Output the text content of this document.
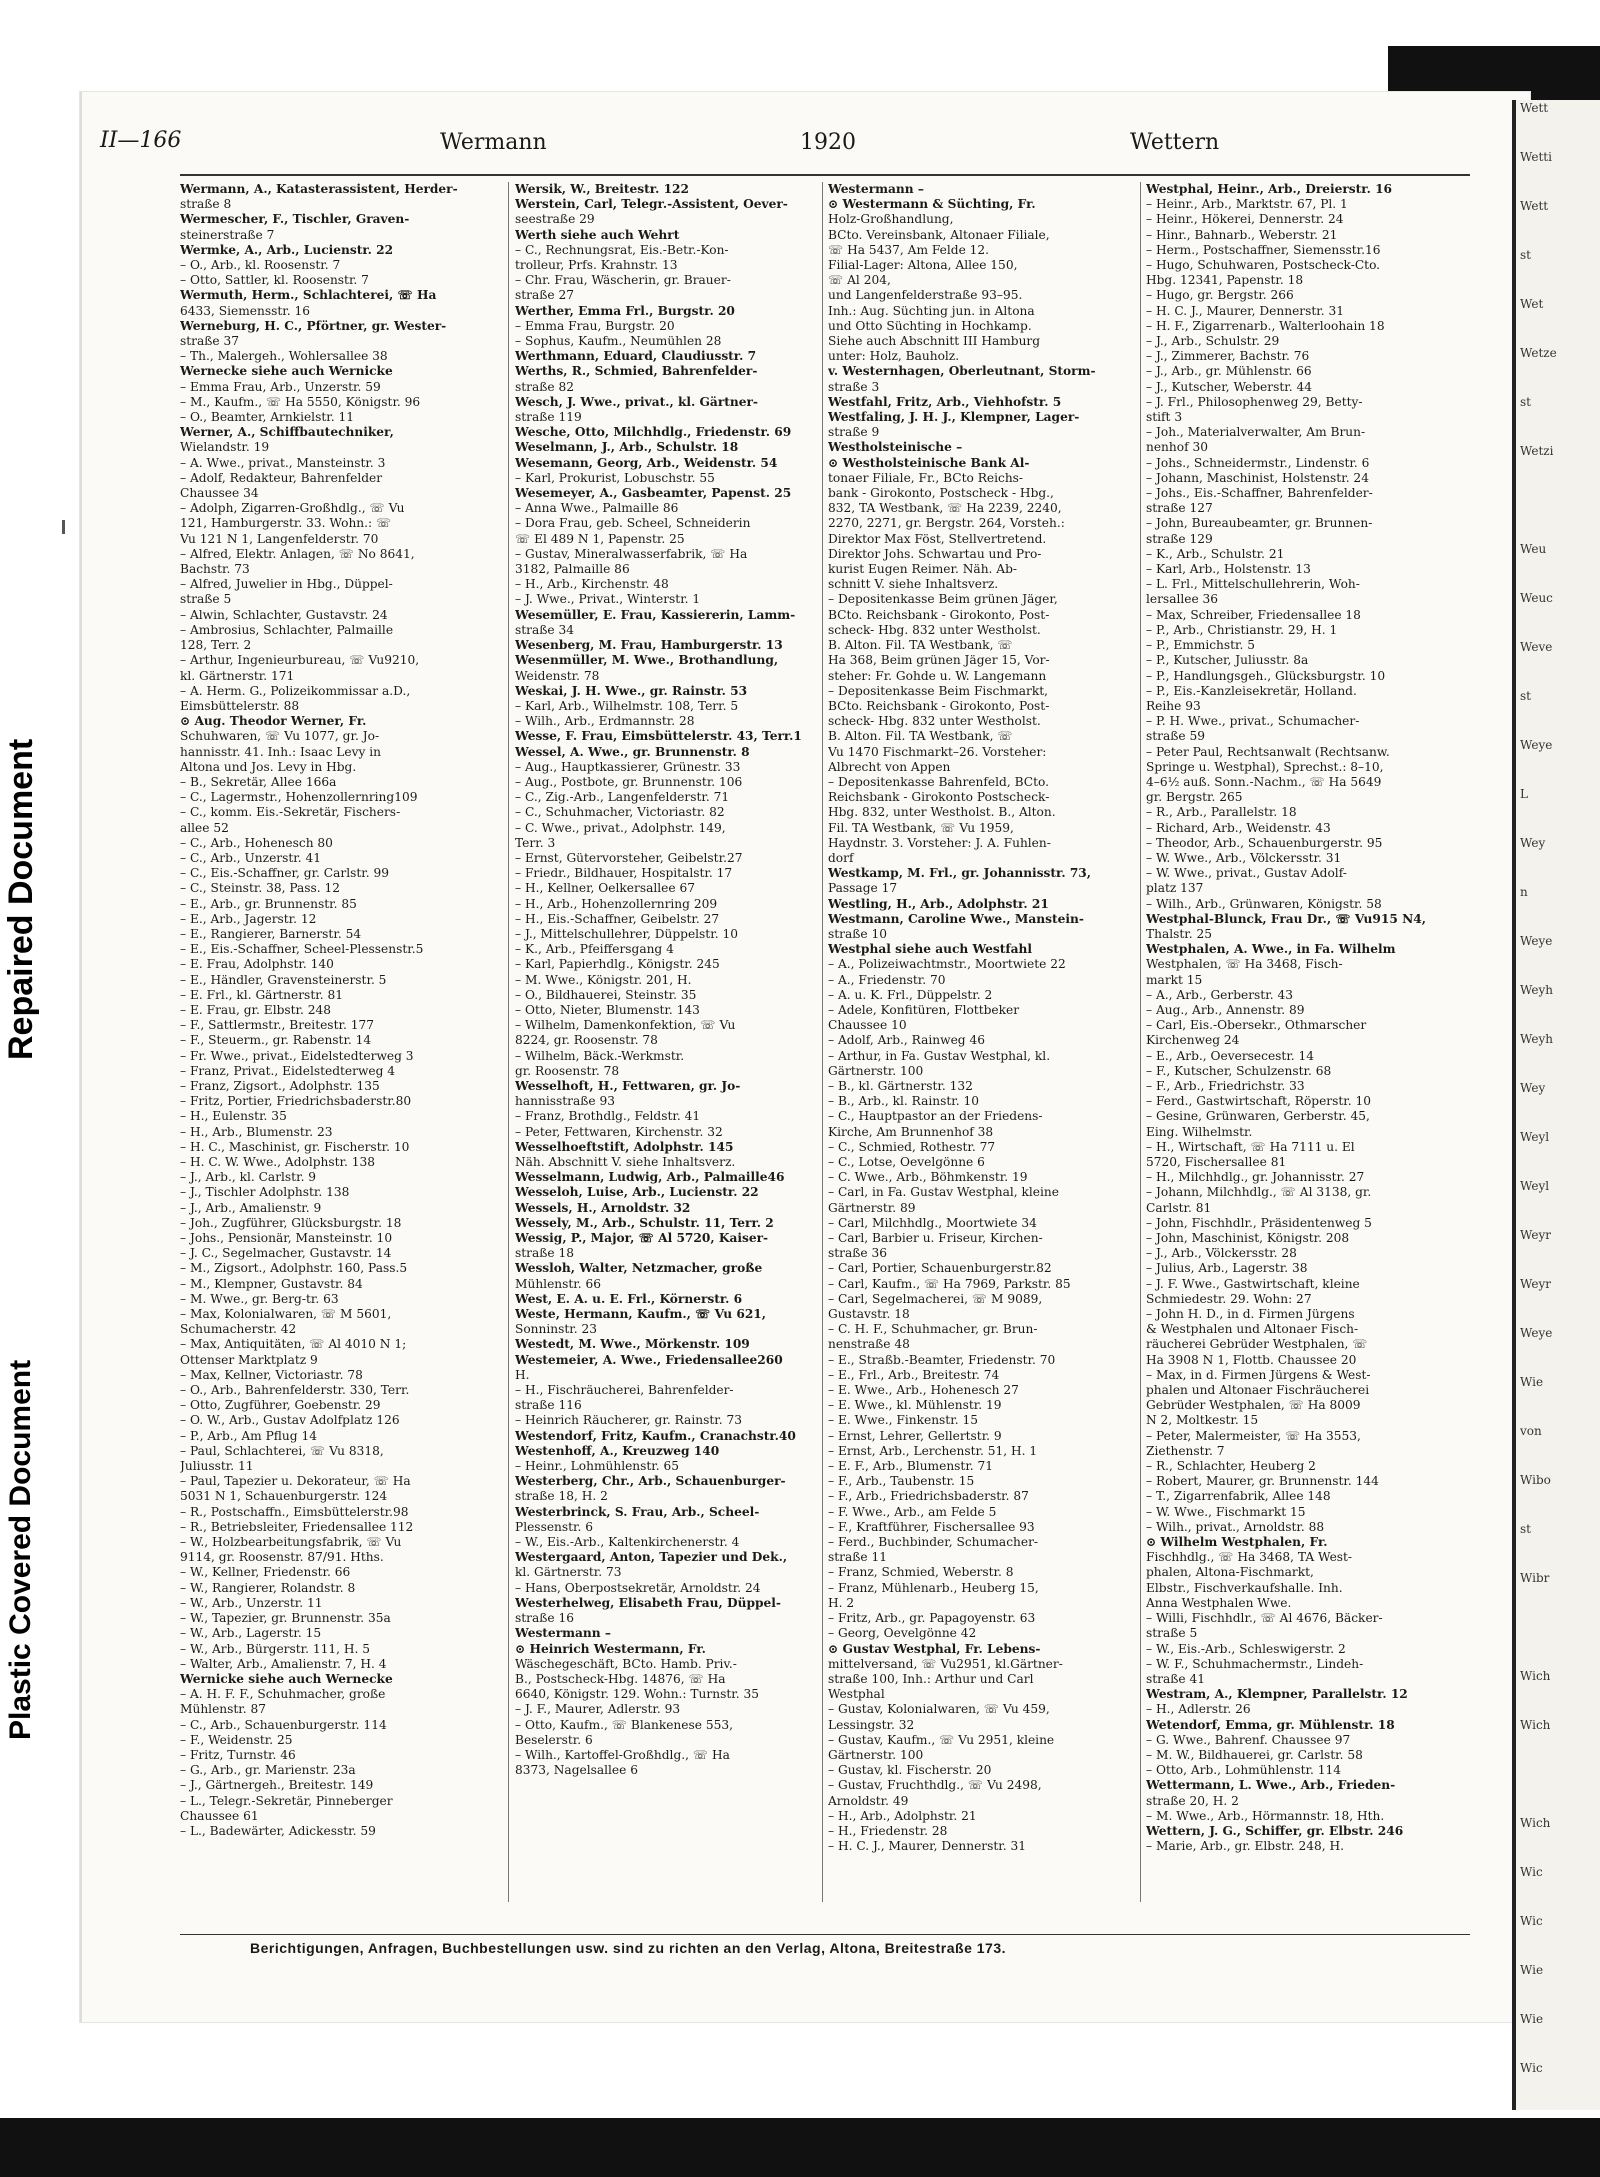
Repaired Document
Plastic Covered Document
Wett
Wetti
Wett
st
Wet
Wetze
st
Wetzi

Weu
Weuc
Weve
st
Weye
L
Wey
n
Weye
Weyh
Weyh
Wey
Weyl
Weyl
Weyr
Weyr
Weye
Wie
von
Wibo
st
Wibr

Wich
Wich

Wich
Wic
Wic
Wie
Wie
Wic
II—166	Wermann	1920	Wettern
Wermann, A., Katasterassistent, Herder-
straße 8
Wermescher, F., Tischler, Graven-
steinerstraße 7
Wermke, A., Arb., Lucienstr. 22
– O., Arb., kl. Roosenstr. 7
– Otto, Sattler, kl. Roosenstr. 7
Wermuth, Herm., Schlachterei, ☏ Ha
6433, Siemensstr. 16
Werneburg, H. C., Pförtner, gr. Wester-
straße 37
– Th., Malergeh., Wohlersallee 38
Wernecke siehe auch Wernicke
– Emma Frau, Arb., Unzerstr. 59
– M., Kaufm., ☏ Ha 5550, Königstr. 96
– O., Beamter, Arnkielstr. 11
Werner, A., Schiffbautechniker,
Wielandstr. 19
– A. Wwe., privat., Mansteinstr. 3
– Adolf, Redakteur, Bahrenfelder
Chaussee 34
– Adolph, Zigarren-Großhdlg., ☏ Vu
121, Hamburgerstr. 33. Wohn.: ☏
Vu 121 N 1, Langenfelderstr. 70
– Alfred, Elektr. Anlagen, ☏ No 8641,
Bachstr. 73
– Alfred, Juwelier in Hbg., Düppel-
straße 5
– Alwin, Schlachter, Gustavstr. 24
– Ambrosius, Schlachter, Palmaille
128, Terr. 2
– Arthur, Ingenieurbureau, ☏ Vu9210,
kl. Gärtnerstr. 171
– A. Herm. G., Polizeikommissar a.D.,
Eimsbüttelerstr. 88
⊙ Aug. Theodor Werner, Fr.
Schuhwaren, ☏ Vu 1077, gr. Jo-
hannisstr. 41. Inh.: Isaac Levy in
Altona und Jos. Levy in Hbg.
– B., Sekretär, Allee 166a
– C., Lagermstr., Hohenzollernring109
– C., komm. Eis.-Sekretär, Fischers-
allee 52
– C., Arb., Hohenesch 80
– C., Arb., Unzerstr. 41
– C., Eis.-Schaffner, gr. Carlstr. 99
– C., Steinstr. 38, Pass. 12
– E., Arb., gr. Brunnenstr. 85
– E., Arb., Jagerstr. 12
– E., Rangierer, Barnerstr. 54
– E., Eis.-Schaffner, Scheel-Plessenstr.5
– E. Frau, Adolphstr. 140
– E., Händler, Gravensteinerstr. 5
– E. Frl., kl. Gärtnerstr. 81
– E. Frau, gr. Elbstr. 248
– F., Sattlermstr., Breitestr. 177
– F., Steuerm., gr. Rabenstr. 14
– Fr. Wwe., privat., Eidelstedterweg 3
– Franz, Privat., Eidelstedterweg 4
– Franz, Zigsort., Adolphstr. 135
– Fritz, Portier, Friedrichsbaderstr.80
– H., Eulenstr. 35
– H., Arb., Blumenstr. 23
– H. C., Maschinist, gr. Fischerstr. 10
– H. C. W. Wwe., Adolphstr. 138
– J., Arb., kl. Carlstr. 9
– J., Tischler Adolphstr. 138
– J., Arb., Amalienstr. 9
– Joh., Zugführer, Glücksburgstr. 18
– Johs., Pensionär, Mansteinstr. 10
– J. C., Segelmacher, Gustavstr. 14
– M., Zigsort., Adolphstr. 160, Pass.5
– M., Klempner, Gustavstr. 84
– M. Wwe., gr. Berg-tr. 63
– Max, Kolonialwaren, ☏ M 5601,
Schumacherstr. 42
– Max, Antiquitäten, ☏ Al 4010 N 1;
Ottenser Marktplatz 9
– Max, Kellner, Victoriastr. 78
– O., Arb., Bahrenfelderstr. 330, Terr.
– Otto, Zugführer, Goebenstr. 29
– O. W., Arb., Gustav Adolfplatz 126
– P., Arb., Am Pflug 14
– Paul, Schlachterei, ☏ Vu 8318,
Juliusstr. 11
– Paul, Tapezier u. Dekorateur, ☏ Ha
5031 N 1, Schauenburgerstr. 124
– R., Postschaffn., Eimsbüttelerstr.98
– R., Betriebsleiter, Friedensallee 112
– W., Holzbearbeitungsfabrik, ☏ Vu
9114, gr. Roosenstr. 87/91. Hths.
– W., Kellner, Friedenstr. 66
– W., Rangierer, Rolandstr. 8
– W., Arb., Unzerstr. 11
– W., Tapezier, gr. Brunnenstr. 35a
– W., Arb., Lagerstr. 15
– W., Arb., Bürgerstr. 111, H. 5
– Walter, Arb., Amalienstr. 7, H. 4
Wernicke siehe auch Wernecke
– A. H. F. F., Schuhmacher, große
Mühlenstr. 87
– C., Arb., Schauenburgerstr. 114
– F., Weidenstr. 25
– Fritz, Turnstr. 46
– G., Arb., gr. Marienstr. 23a
– J., Gärtnergeh., Breitestr. 149
– L., Telegr.-Sekretär, Pinneberger
Chaussee 61
– L., Badewärter, Adickesstr. 59
Wersik, W., Breitestr. 122
Werstein, Carl, Telegr.-Assistent, Oever-
seestraße 29
Werth siehe auch Wehrt
– C., Rechnungsrat, Eis.-Betr.-Kon-
trolleur, Prfs. Krahnstr. 13
– Chr. Frau, Wäscherin, gr. Brauer-
straße 27
Werther, Emma Frl., Burgstr. 20
– Emma Frau, Burgstr. 20
– Sophus, Kaufm., Neumühlen 28
Werthmann, Eduard, Claudiusstr. 7
Werths, R., Schmied, Bahrenfelder-
straße 82
Wesch, J. Wwe., privat., kl. Gärtner-
straße 119
Wesche, Otto, Milchhdlg., Friedenstr. 69
Weselmann, J., Arb., Schulstr. 18
Wesemann, Georg, Arb., Weidenstr. 54
– Karl, Prokurist, Lobuschstr. 55
Wesemeyer, A., Gasbeamter, Papenst. 25
– Anna Wwe., Palmaille 86
– Dora Frau, geb. Scheel, Schneiderin
☏ El 489 N 1, Papenstr. 25
– Gustav, Mineralwasserfabrik, ☏ Ha
3182, Palmaille 86
– H., Arb., Kirchenstr. 48
– J. Wwe., Privat., Winterstr. 1
Wesemüller, E. Frau, Kassiererin, Lamm-
straße 34
Wesenberg, M. Frau, Hamburgerstr. 13
Wesenmüller, M. Wwe., Brothandlung,
Weidenstr. 78
Weskai, J. H. Wwe., gr. Rainstr. 53
– Karl, Arb., Wilhelmstr. 108, Terr. 5
– Wilh., Arb., Erdmannstr. 28
Wesse, F. Frau, Eimsbüttelerstr. 43, Terr.1
Wessel, A. Wwe., gr. Brunnenstr. 8
– Aug., Hauptkassierer, Grünestr. 33
– Aug., Postbote, gr. Brunnenstr. 106
– C., Zig.-Arb., Langenfelderstr. 71
– C., Schuhmacher, Victoriastr. 82
– C. Wwe., privat., Adolphstr. 149,
Terr. 3
– Ernst, Gütervorsteher, Geibelstr.27
– Friedr., Bildhauer, Hospitalstr. 17
– H., Kellner, Oelkersallee 67
– H., Arb., Hohenzollernring 209
– H., Eis.-Schaffner, Geibelstr. 27
– J., Mittelschullehrer, Düppelstr. 10
– K., Arb., Pfeiffersgang 4
– Karl, Papierhdlg., Königstr. 245
– M. Wwe., Königstr. 201, H.
– O., Bildhauerei, Steinstr. 35
– Otto, Nieter, Blumenstr. 143
– Wilhelm, Damenkonfektion, ☏ Vu
8224, gr. Roosenstr. 78
– Wilhelm, Bäck.-Werkmstr.
gr. Roosenstr. 78
Wesselhoft, H., Fettwaren, gr. Jo-
hannisstraße 93
– Franz, Brothdlg., Feldstr. 41
– Peter, Fettwaren, Kirchenstr. 32
Wesselhoeftstift, Adolphstr. 145
Näh. Abschnitt V. siehe Inhaltsverz.
Wesselmann, Ludwig, Arb., Palmaille46
Wesseloh, Luise, Arb., Lucienstr. 22
Wessels, H., Arnoldstr. 32
Wessely, M., Arb., Schulstr. 11, Terr. 2
Wessig, P., Major, ☏ Al 5720, Kaiser-
straße 18
Wessloh, Walter, Netzmacher, große
Mühlenstr. 66
West, E. A. u. E. Frl., Körnerstr. 6
Weste, Hermann, Kaufm., ☏ Vu 621,
Sonninstr. 23
Westedt, M. Wwe., Mörkenstr. 109
Westemeier, A. Wwe., Friedensallee260
H.
– H., Fischräucherei, Bahrenfelder-
straße 116
– Heinrich Räucherer, gr. Rainstr. 73
Westendorf, Fritz, Kaufm., Cranachstr.40
Westenhoff, A., Kreuzweg 140
– Heinr., Lohmühlenstr. 65
Westerberg, Chr., Arb., Schauenburger-
straße 18, H. 2
Westerbrinck, S. Frau, Arb., Scheel-
Plessenstr. 6
– W., Eis.-Arb., Kaltenkirchenerstr. 4
Westergaard, Anton, Tapezier und Dek.,
kl. Gärtnerstr. 73
– Hans, Oberpostsekretär, Arnoldstr. 24
Westerhelweg, Elisabeth Frau, Düppel-
straße 16
Westermann –
⊙ Heinrich Westermann, Fr.
Wäschegeschäft, BCto. Hamb. Priv.-
B., Postscheck-Hbg. 14876, ☏ Ha
6640, Königstr. 129. Wohn.: Turnstr. 35
– J. F., Maurer, Adlerstr. 93
– Otto, Kaufm., ☏ Blankenese 553,
Beselerstr. 6
– Wilh., Kartoffel-Großhdlg., ☏ Ha
8373, Nagelsallee 6
Westermann –
⊙ Westermann & Süchting, Fr.
Holz-Großhandlung,
BCto. Vereinsbank, Altonaer Filiale,
☏ Ha 5437, Am Felde 12.
Filial-Lager: Altona, Allee 150,
☏ Al 204,
und Langenfelderstraße 93–95.
Inh.: Aug. Süchting jun. in Altona
und Otto Süchting in Hochkamp.
Siehe auch Abschnitt III Hamburg
unter: Holz, Bauholz.
v. Westernhagen, Oberleutnant, Storm-
straße 3
Westfahl, Fritz, Arb., Viehhofstr. 5
Westfaling, J. H. J., Klempner, Lager-
straße 9
Westholsteinische –
⊙ Westholsteinische Bank Al-
tonaer Filiale, Fr., BCto Reichs-
bank - Girokonto, Postscheck - Hbg.,
832, TA Westbank, ☏ Ha 2239, 2240,
2270, 2271, gr. Bergstr. 264, Vorsteh.:
Direktor Max Föst, Stellvertretend.
Direktor Johs. Schwartau und Pro-
kurist Eugen Reimer. Näh. Ab-
schnitt V. siehe Inhaltsverz.
– Depositenkasse Beim grünen Jäger,
BCto. Reichsbank - Girokonto, Post-
scheck- Hbg. 832 unter Westholst.
B. Alton. Fil. TA Westbank, ☏
Ha 368, Beim grünen Jäger 15, Vor-
steher: Fr. Gohde u. W. Langemann
– Depositenkasse Beim Fischmarkt,
BCto. Reichsbank - Girokonto, Post-
scheck- Hbg. 832 unter Westholst.
B. Alton. Fil. TA Westbank, ☏
Vu 1470 Fischmarkt–26. Vorsteher:
Albrecht von Appen
– Depositenkasse Bahrenfeld, BCto.
Reichsbank - Girokonto Postscheck-
Hbg. 832, unter Westholst. B., Alton.
Fil. TA Westbank, ☏ Vu 1959,
Haydnstr. 3. Vorsteher: J. A. Fuhlen-
dorf
Westkamp, M. Frl., gr. Johannisstr. 73,
Passage 17
Westling, H., Arb., Adolphstr. 21
Westmann, Caroline Wwe., Manstein-
straße 10
Westphal siehe auch Westfahl
– A., Polizeiwachtmstr., Moortwiete 22
– A., Friedenstr. 70
– A. u. K. Frl., Düppelstr. 2
– Adele, Konfitüren, Flottbeker
Chaussee 10
– Adolf, Arb., Rainweg 46
– Arthur, in Fa. Gustav Westphal, kl.
Gärtnerstr. 100
– B., kl. Gärtnerstr. 132
– B., Arb., kl. Rainstr. 10
– C., Hauptpastor an der Friedens-
Kirche, Am Brunnenhof 38
– C., Schmied, Rothestr. 77
– C., Lotse, Oevelgönne 6
– C. Wwe., Arb., Böhmkenstr. 19
– Carl, in Fa. Gustav Westphal, kleine
Gärtnerstr. 89
– Carl, Milchhdlg., Moortwiete 34
– Carl, Barbier u. Friseur, Kirchen-
straße 36
– Carl, Portier, Schauenburgerstr.82
– Carl, Kaufm., ☏ Ha 7969, Parkstr. 85
– Carl, Segelmacherei, ☏ M 9089,
Gustavstr. 18
– C. H. F., Schuhmacher, gr. Brun-
nenstraße 48
– E., Straßb.-Beamter, Friedenstr. 70
– E., Frl., Arb., Breitestr. 74
– E. Wwe., Arb., Hohenesch 27
– E. Wwe., kl. Mühlenstr. 19
– E. Wwe., Finkenstr. 15
– Ernst, Lehrer, Gellertstr. 9
– Ernst, Arb., Lerchenstr. 51, H. 1
– E. F., Arb., Blumenstr. 71
– F., Arb., Taubenstr. 15
– F., Arb., Friedrichsbaderstr. 87
– F. Wwe., Arb., am Felde 5
– F., Kraftführer, Fischersallee 93
– Ferd., Buchbinder, Schumacher-
straße 11
– Franz, Schmied, Weberstr. 8
– Franz, Mühlenarb., Heuberg 15,
H. 2
– Fritz, Arb., gr. Papagoyenstr. 63
– Georg, Oevelgönne 42
⊙ Gustav Westphal, Fr. Lebens-
mittelversand, ☏ Vu2951, kl.Gärtner-
straße 100, Inh.: Arthur und Carl
Westphal
– Gustav, Kolonialwaren, ☏ Vu 459,
Lessingstr. 32
– Gustav, Kaufm., ☏ Vu 2951, kleine
Gärtnerstr. 100
– Gustav, kl. Fischerstr. 20
– Gustav, Fruchthdlg., ☏ Vu 2498,
Arnoldstr. 49
– H., Arb., Adolphstr. 21
– H., Friedenstr. 28
– H. C. J., Maurer, Dennerstr. 31
Westphal, Heinr., Arb., Dreierstr. 16
– Heinr., Arb., Marktstr. 67, Pl. 1
– Heinr., Hökerei, Dennerstr. 24
– Hinr., Bahnarb., Weberstr. 21
– Herm., Postschaffner, Siemensstr.16
– Hugo, Schuhwaren, Postscheck-Cto.
Hbg. 12341, Papenstr. 18
– Hugo, gr. Bergstr. 266
– H. C. J., Maurer, Dennerstr. 31
– H. F., Zigarrenarb., Walterloohain 18
– J., Arb., Schulstr. 29
– J., Zimmerer, Bachstr. 76
– J., Arb., gr. Mühlenstr. 66
– J., Kutscher, Weberstr. 44
– J. Frl., Philosophenweg 29, Betty-
stift 3
– Joh., Materialverwalter, Am Brun-
nenhof 30
– Johs., Schneidermstr., Lindenstr. 6
– Johann, Maschinist, Holstenstr. 24
– Johs., Eis.-Schaffner, Bahrenfelder-
straße 127
– John, Bureaubeamter, gr. Brunnen-
straße 129
– K., Arb., Schulstr. 21
– Karl, Arb., Holstenstr. 13
– L. Frl., Mittelschullehrerin, Woh-
lersallee 36
– Max, Schreiber, Friedensallee 18
– P., Arb., Christianstr. 29, H. 1
– P., Emmichstr. 5
– P., Kutscher, Juliusstr. 8a
– P., Handlungsgeh., Glücksburgstr. 10
– P., Eis.-Kanzleisekretär, Holland.
Reihe 93
– P. H. Wwe., privat., Schumacher-
straße 59
– Peter Paul, Rechtsanwalt (Rechtsanw.
Springe u. Westphal), Sprechst.: 8–10,
4–6½ auß. Sonn.-Nachm., ☏ Ha 5649
gr. Bergstr. 265
– R., Arb., Parallelstr. 18
– Richard, Arb., Weidenstr. 43
– Theodor, Arb., Schauenburgerstr. 95
– W. Wwe., Arb., Völckersstr. 31
– W. Wwe., privat., Gustav Adolf-
platz 137
– Wilh., Arb., Grünwaren, Königstr. 58
Westphal-Blunck, Frau Dr., ☏ Vu915 N4,
Thalstr. 25
Westphalen, A. Wwe., in Fa. Wilhelm
Westphalen, ☏ Ha 3468, Fisch-
markt 15
– A., Arb., Gerberstr. 43
– Aug., Arb., Annenstr. 89
– Carl, Eis.-Obersekr., Othmarscher
Kirchenweg 24
– E., Arb., Oeversecestr. 14
– F., Kutscher, Schulzenstr. 68
– F., Arb., Friedrichstr. 33
– Ferd., Gastwirtschaft, Röperstr. 10
– Gesine, Grünwaren, Gerberstr. 45,
Eing. Wilhelmstr.
– H., Wirtschaft, ☏ Ha 7111 u. El
5720, Fischersallee 81
– H., Milchhdlg., gr. Johannisstr. 27
– Johann, Milchhdlg., ☏ Al 3138, gr.
Carlstr. 81
– John, Fischhdlr., Präsidentenweg 5
– John, Maschinist, Königstr. 208
– J., Arb., Völckersstr. 28
– Julius, Arb., Lagerstr. 38
– J. F. Wwe., Gastwirtschaft, kleine
Schmiedestr. 29. Wohn: 27
– John H. D., in d. Firmen Jürgens
& Westphalen und Altonaer Fisch-
räucherei Gebrüder Westphalen, ☏
Ha 3908 N 1, Flottb. Chaussee 20
– Max, in d. Firmen Jürgens & West-
phalen und Altonaer Fischräucherei
Gebrüder Westphalen, ☏ Ha 8009
N 2, Moltkestr. 15
– Peter, Malermeister, ☏ Ha 3553,
Ziethenstr. 7
– R., Schlachter, Heuberg 2
– Robert, Maurer, gr. Brunnenstr. 144
– T., Zigarrenfabrik, Allee 148
– W. Wwe., Fischmarkt 15
– Wilh., privat., Arnoldstr. 88
⊙ Wilhelm Westphalen, Fr.
Fischhdlg., ☏ Ha 3468, TA West-
phalen, Altona-Fischmarkt,
Elbstr., Fischverkaufshalle. Inh.
Anna Westphalen Wwe.
– Willi, Fischhdlr., ☏ Al 4676, Bäcker-
straße 5
– W., Eis.-Arb., Schleswigerstr. 2
– W. F., Schuhmachermstr., Lindeh-
straße 41
Westram, A., Klempner, Parallelstr. 12
– H., Adlerstr. 26
Wetendorf, Emma, gr. Mühlenstr. 18
– G. Wwe., Bahrenf. Chaussee 97
– M. W., Bildhauerei, gr. Carlstr. 58
– Otto, Arb., Lohmühlenstr. 114
Wettermann, L. Wwe., Arb., Frieden-
straße 20, H. 2
– M. Wwe., Arb., Hörmannstr. 18, Hth.
Wettern, J. G., Schiffer, gr. Elbstr. 246
– Marie, Arb., gr. Elbstr. 248, H.
Berichtigungen, Anfragen, Buchbestellungen usw. sind zu richten an den Verlag, Altona, Breitestraße 173.
